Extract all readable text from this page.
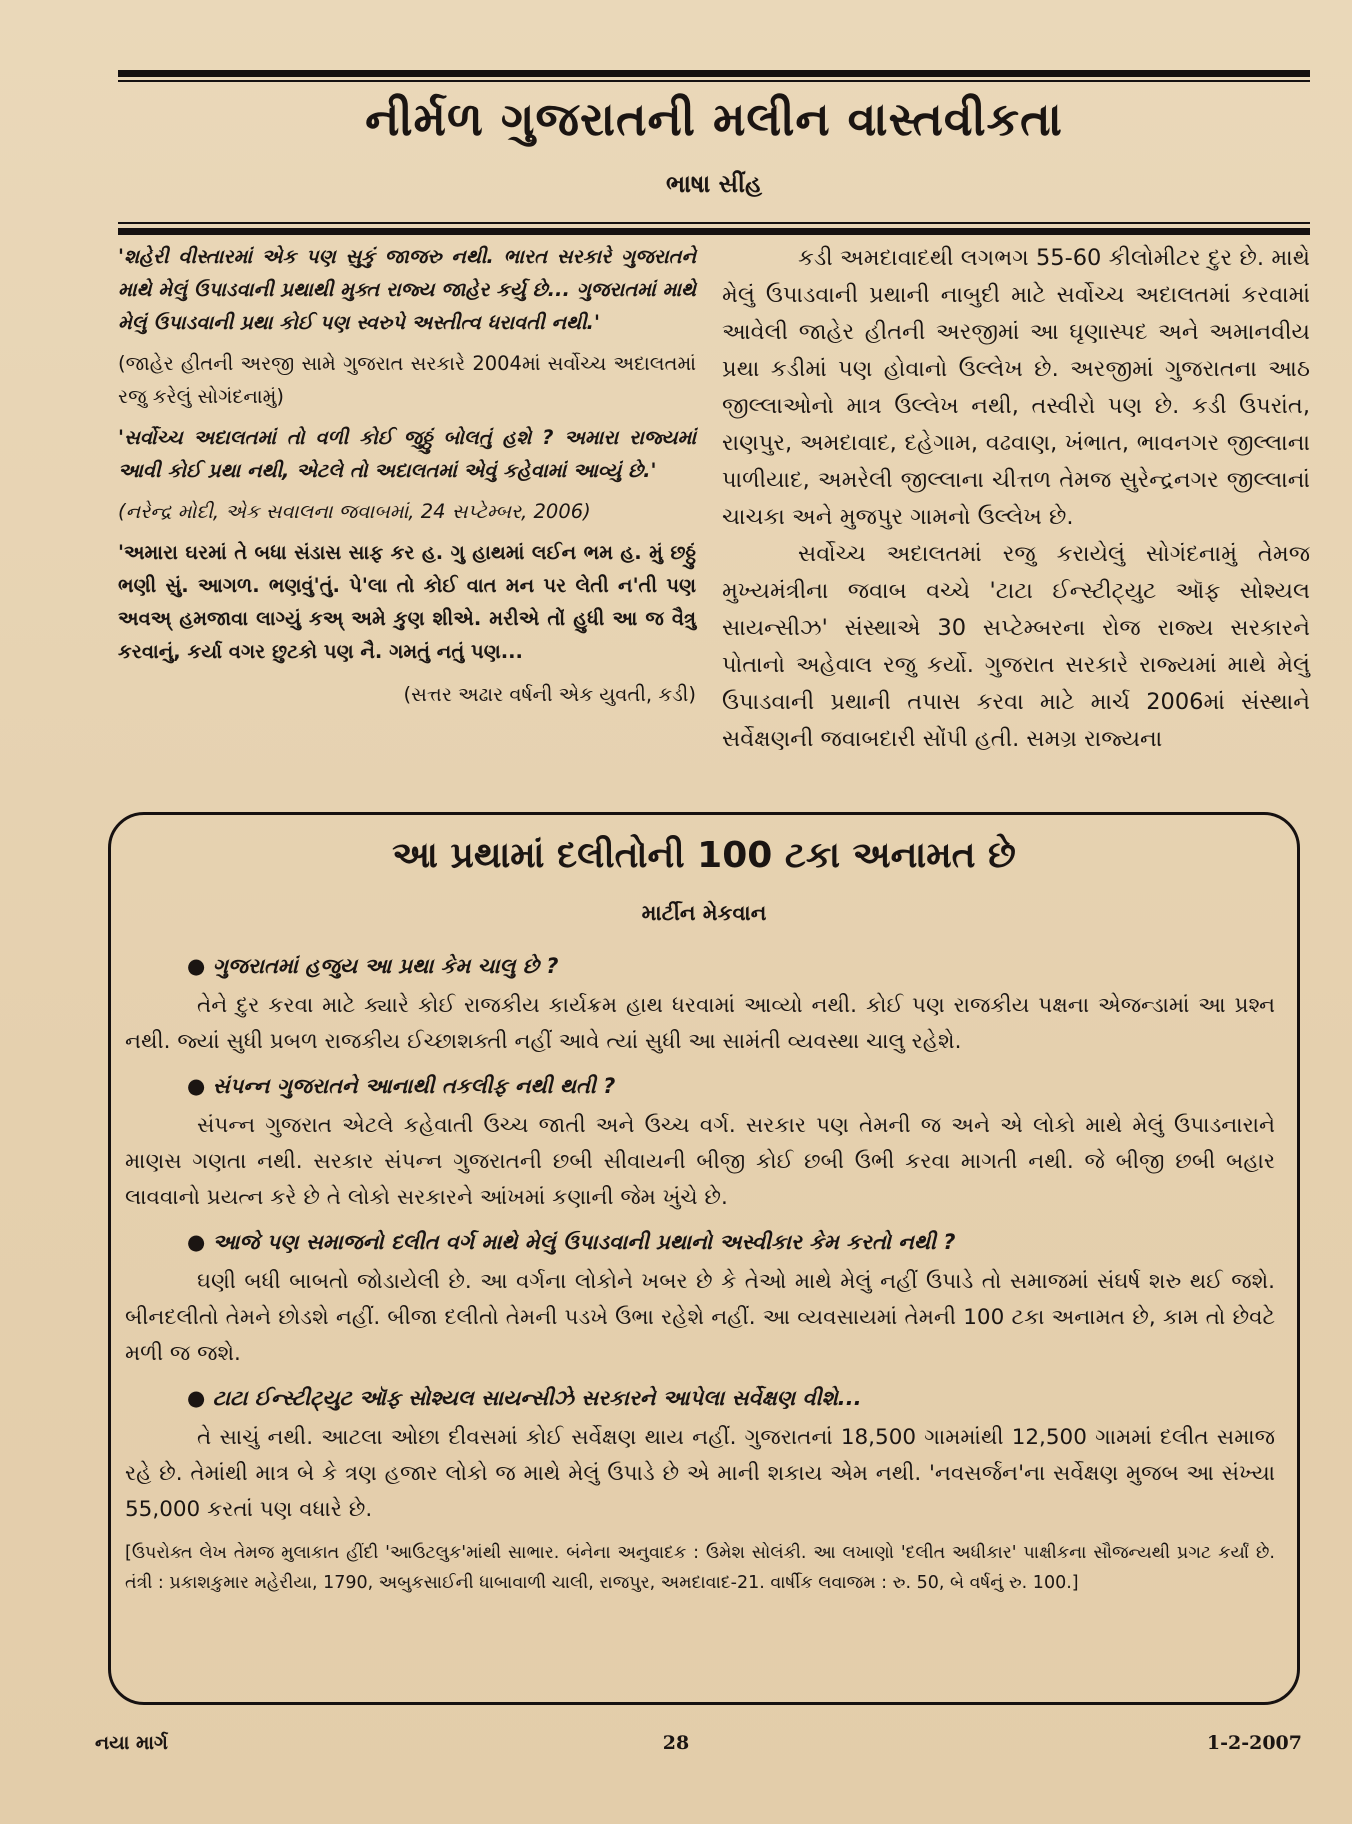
નીર્મળ ગુજરાતની મલીન વાસ્તવીકતા
ભાષા સીંહ

'શહેરી વીસ્તારમાં એક પણ સુકું જાજરુ નથી. ભારત સરકારે ગુજરાતને માથે મેલું ઉપાડવાની પ્રથાથી મુક્ત રાજ્ય જાહેર કર્યુ છે... ગુજરાતમાં માથે મેલું ઉપાડવાની પ્રથા કોઈ પણ સ્વરુપે અસ્તીત્વ ધરાવતી નથી.'

(જાહેર હીતની અરજી સામે ગુજરાત સરકારે 2004માં સર્વોચ્ચ અદાલતમાં રજુ કરેલું સોગંદનામું)

'સર્વોચ્ચ અદાલતમાં તો વળી કોઈ જુઠ્ઠું બોલતું હશે ? અમારા રાજ્યમાં આવી કોઈ પ્રથા નથી, એટલે તો અદાલતમાં એવું કહેવામાં આવ્યું છે.'

(નરેન્દ્ર મોદી, એક સવાલના જવાબમાં, 24 સપ્ટેમ્બર, 2006)

'અમારા ઘરમાં તે બધા સંડાસ સાફ કર હ. ગુ હાથમાં લઈન ભમ હ. મું છઠ્ઠું ભણી સું. આગળ. ભણવું'તું. પે'લા તો કોઈ વાત મન પર લેતી ન'તી પણ અવઅ્ હમજાવા લાગ્યું કઅ્ અમે કુણ શીએ. મરીએ તોં હુધી આ જ વૈત્રુ કરવાનું, કર્યા વગર છુટકો પણ નૈ. ગમતું નતું પણ...

(સત્તર અઢાર વર્ષની એક યુવતી, કડી)

કડી અમદાવાદથી લગભગ 55-60 કીલોમીટર દુર છે. માથે મેલું ઉપાડવાની પ્રથાની નાબુદી માટે સર્વોચ્ચ અદાલતમાં કરવામાં આવેલી જાહેર હીતની અરજીમાં આ ઘૃણાસ્પદ અને અમાનવીય પ્રથા કડીમાં પણ હોવાનો ઉલ્લેખ છે. અરજીમાં ગુજરાતના આઠ જીલ્લાઓનો માત્ર ઉલ્લેખ નથી, તસ્વીરો પણ છે. કડી ઉપરાંત, રાણપુર, અમદાવાદ, દહેગામ, વઢવાણ, ખંભાત, ભાવનગર જીલ્લાના પાળીયાદ, અમરેલી જીલ્લાના ચીત્તળ તેમજ સુરેન્દ્રનગર જીલ્લાનાં ચાચકા અને મુજપુર ગામનો ઉલ્લેખ છે.

સર્વોચ્ચ અદાલતમાં રજુ કરાયેલું સોગંદનામું તેમજ મુખ્યમંત્રીના જવાબ વચ્ચે 'ટાટા ઈન્સ્ટીટ્યુટ ઑફ સોશ્યલ સાયન્સીઝ' સંસ્થાએ 30 સપ્ટેમ્બરના રોજ રાજ્ય સરકારને પોતાનો અહેવાલ રજુ કર્યો. ગુજરાત સરકારે રાજ્યમાં માથે મેલું ઉપાડવાની પ્રથાની તપાસ કરવા માટે માર્ચ 2006માં સંસ્થાને સર્વેક્ષણની જવાબદારી સોંપી હતી. સમગ્ર રાજ્યના

આ પ્રથામાં દલીતોની 100 ટકા અનામત છે
માર્ટીન મેકવાન

● ગુજરાતમાં હજુય આ પ્રથા કેમ ચાલુ છે ?

તેને દુર કરવા માટે ક્યારે કોઈ રાજકીય કાર્યક્રમ હાથ ધરવામાં આવ્યો નથી. કોઈ પણ રાજકીય પક્ષના એજન્ડામાં આ પ્રશ્ન નથી. જ્યાં સુધી પ્રબળ રાજકીય ઈચ્છાશક્તી નહીં આવે ત્યાં સુધી આ સામંતી વ્યવસ્થા ચાલુ રહેશે.

● સંપન્ન ગુજરાતને આનાથી તકલીફ નથી થતી ?

સંપન્ન ગુજરાત એટલે કહેવાતી ઉચ્ચ જાતી અને ઉચ્ચ વર્ગ. સરકાર પણ તેમની જ અને એ લોકો માથે મેલું ઉપાડનારાને માણસ ગણતા નથી. સરકાર સંપન્ન ગુજરાતની છબી સીવાયની બીજી કોઈ છબી ઉભી કરવા માગતી નથી. જે બીજી છબી બહાર લાવવાનો પ્રયત્ન કરે છે તે લોકો સરકારને આંખમાં કણાની જેમ ખુંચે છે.

● આજે પણ સમાજનો દલીત વર્ગ માથે મેલું ઉપાડવાની પ્રથાનો અસ્વીકાર કેમ કરતો નથી ?

ઘણી બધી બાબતો જોડાયેલી છે. આ વર્ગના લોકોને ખબર છે કે તેઓ માથે મેલું નહીં ઉપાડે તો સમાજમાં સંઘર્ષ શરુ થઈ જશે. બીનદલીતો તેમને છોડશે નહીં. બીજા દલીતો તેમની પડખે ઉભા રહેશે નહીં. આ વ્યવસાયમાં તેમની 100 ટકા અનામત છે, કામ તો છેવટે મળી જ જશે.

● ટાટા ઈન્સ્ટીટ્યુટ ઑફ સોશ્યલ સાયન્સીઝે સરકારને આપેલા સર્વેક્ષણ વીશે...

તે સાચું નથી. આટલા ઓછા દીવસમાં કોઈ સર્વેક્ષણ થાય નહીં. ગુજરાતનાં 18,500 ગામમાંથી 12,500 ગામમાં દલીત સમાજ રહે છે. તેમાંથી માત્ર બે કે ત્રણ હજાર લોકો જ માથે મેલું ઉપાડે છે એ માની શકાય એમ નથી. 'નવસર્જન'ના સર્વેક્ષણ મુજબ આ સંખ્યા 55,000 કરતાં પણ વધારે છે.

[ઉપરોક્ત લેખ તેમજ મુલાકાત હીંદી 'આઉટલુક'માંથી સાભાર. બંનેના અનુવાદક : ઉમેશ સોલંકી. આ લખાણો 'દલીત અધીકાર' પાક્ષીકના સૌજન્યથી પ્રગટ કર્યાં છે. તંત્રી : પ્રકાશકુમાર મહેરીયા, 1790, અબુકસાઈની ધાબાવાળી ચાલી, રાજપુર, અમદાવાદ-21. વાર્ષીક લવાજમ : રુ. 50, બે વર્ષનું રુ. 100.]

નયા માર્ગ	28	1-2-2007
